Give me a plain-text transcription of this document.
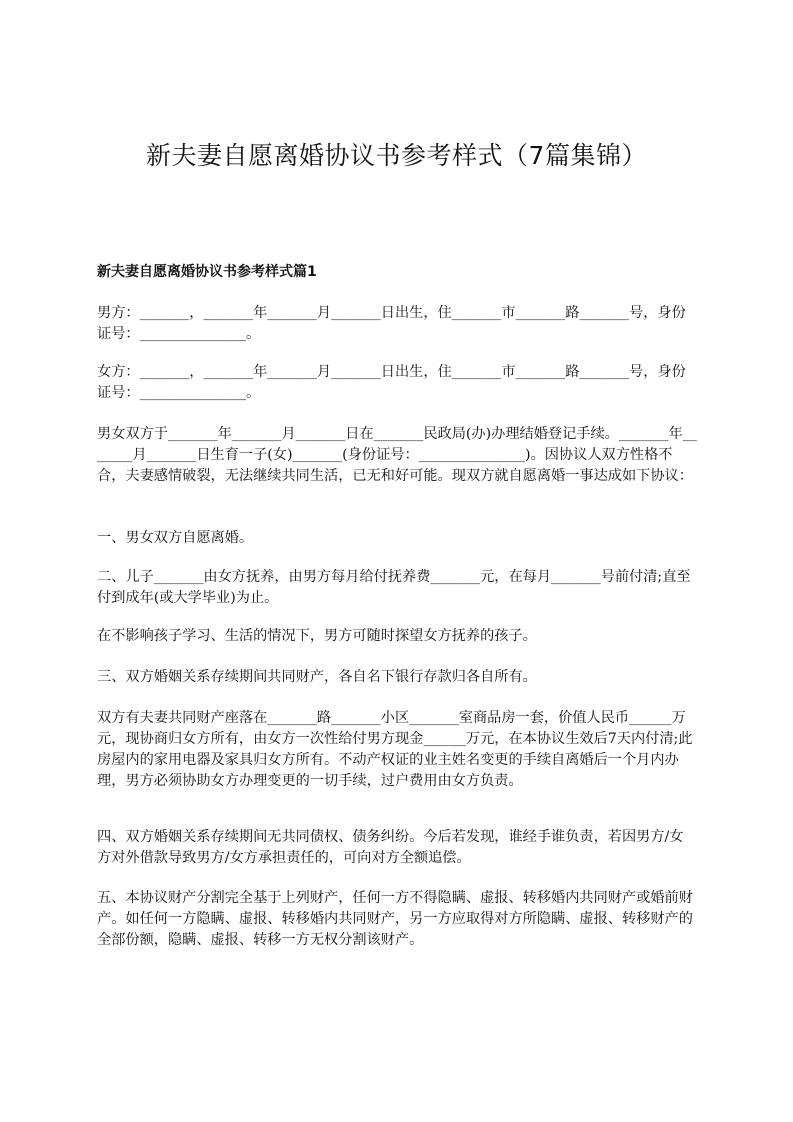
新夫妻自愿离婚协议书参考样式（7篇集锦）
新夫妻自愿离婚协议书参考样式篇1
男方：_______，_______年_______月_______日出生，住_______市_______路_______号，身份证号：_______________。
女方：_______，_______年_______月_______日出生，住_______市_______路_______号，身份证号：_______________。
男女双方于_______年_______月_______日在_______民政局(办)办理结婚登记手续。_______年_______月_______日生育一子(女)_______(身份证号：_______________)。因协议人双方性格不合，夫妻感情破裂，无法继续共同生活，已无和好可能。现双方就自愿离婚一事达成如下协议：
一、男女双方自愿离婚。
二、儿子_______由女方抚养，由男方每月给付抚养费_______元，在每月_______号前付清;直至付到成年(或大学毕业)为止。
在不影响孩子学习、生活的情况下，男方可随时探望女方抚养的孩子。
三、双方婚姻关系存续期间共同财产，各自名下银行存款归各自所有。
双方有夫妻共同财产座落在_______路_______小区_______室商品房一套，价值人民币______万元，现协商归女方所有，由女方一次性给付男方现金______万元，在本协议生效后7天内付清;此房屋内的家用电器及家具归女方所有。不动产权证的业主姓名变更的手续自离婚后一个月内办理，男方必须协助女方办理变更的一切手续，过户费用由女方负责。
四、双方婚姻关系存续期间无共同债权、债务纠纷。今后若发现，谁经手谁负责，若因男方/女方对外借款导致男方/女方承担责任的，可向对方全额追偿。
五、本协议财产分割完全基于上列财产，任何一方不得隐瞒、虚报、转移婚内共同财产或婚前财产。如任何一方隐瞒、虚报、转移婚内共同财产，另一方应取得对方所隐瞒、虚报、转移财产的全部份额，隐瞒、虚报、转移一方无权分割该财产。
